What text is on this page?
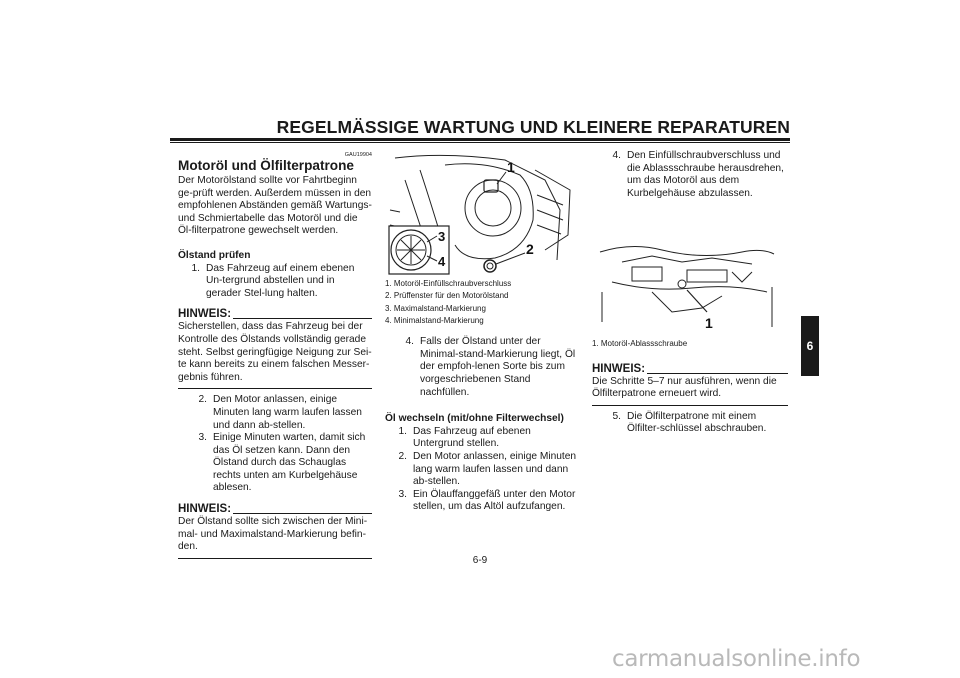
REGELMÄSSIGE WARTUNG UND KLEINERE REPARATUREN
GAU19904
Motoröl und Ölfilterpatrone

Der Motorölstand sollte vor Fahrtbeginn ge-prüft werden. Außerdem müssen in den empfohlenen Abständen gemäß Wartungs- und Schmiertabelle das Motoröl und die Öl-filterpatrone gewechselt werden.

Ölstand prüfen
1. Das Fahrzeug auf einem ebenen Un-tergrund abstellen und in gerader Stel-lung halten.
HINWEIS:

Sicherstellen, dass das Fahrzeug bei der Kontrolle des Ölstands vollständig gerade steht. Selbst geringfügige Neigung zur Sei-te kann bereits zu einem falschen Messer-gebnis führen.

2. Den Motor anlassen, einige Minuten lang warm laufen lassen und dann ab-stellen.
3. Einige Minuten warten, damit sich das Öl setzen kann. Dann den Ölstand durch das Schauglas rechts unten am Kurbelgehäuse ablesen.
HINWEIS:

Der Ölstand sollte sich zwischen der Mini-mal- und Maximalstand-Markierung befin-den.

1
2
3
4
1. Motoröl-Einfüllschraubverschluss
2. Prüffenster für den Motorölstand
3. Maximalstand-Markierung
4. Minimalstand-Markierung
4. Falls der Ölstand unter der Minimal-stand-Markierung liegt, Öl der empfoh-lenen Sorte bis zum vorgeschriebenen Stand nachfüllen.
Öl wechseln (mit/ohne Filterwechsel)
1. Das Fahrzeug auf ebenen Untergrund stellen.
2. Den Motor anlassen, einige Minuten lang warm laufen lassen und dann ab-stellen.
3. Ein Ölauffanggefäß unter den Motor stellen, um das Altöl aufzufangen.
4. Den Einfüllschraubverschluss und die Ablassschraube herausdrehen, um das Motoröl aus dem Kurbelgehäuse abzulassen.
1
1. Motoröl-Ablassschraube
HINWEIS:

Die Schritte 5–7 nur ausführen, wenn die Ölfilterpatrone erneuert wird.

5. Die Ölfilterpatrone mit einem Ölfilter-schlüssel abschrauben.
6-9
6
carmanualsonline.info
